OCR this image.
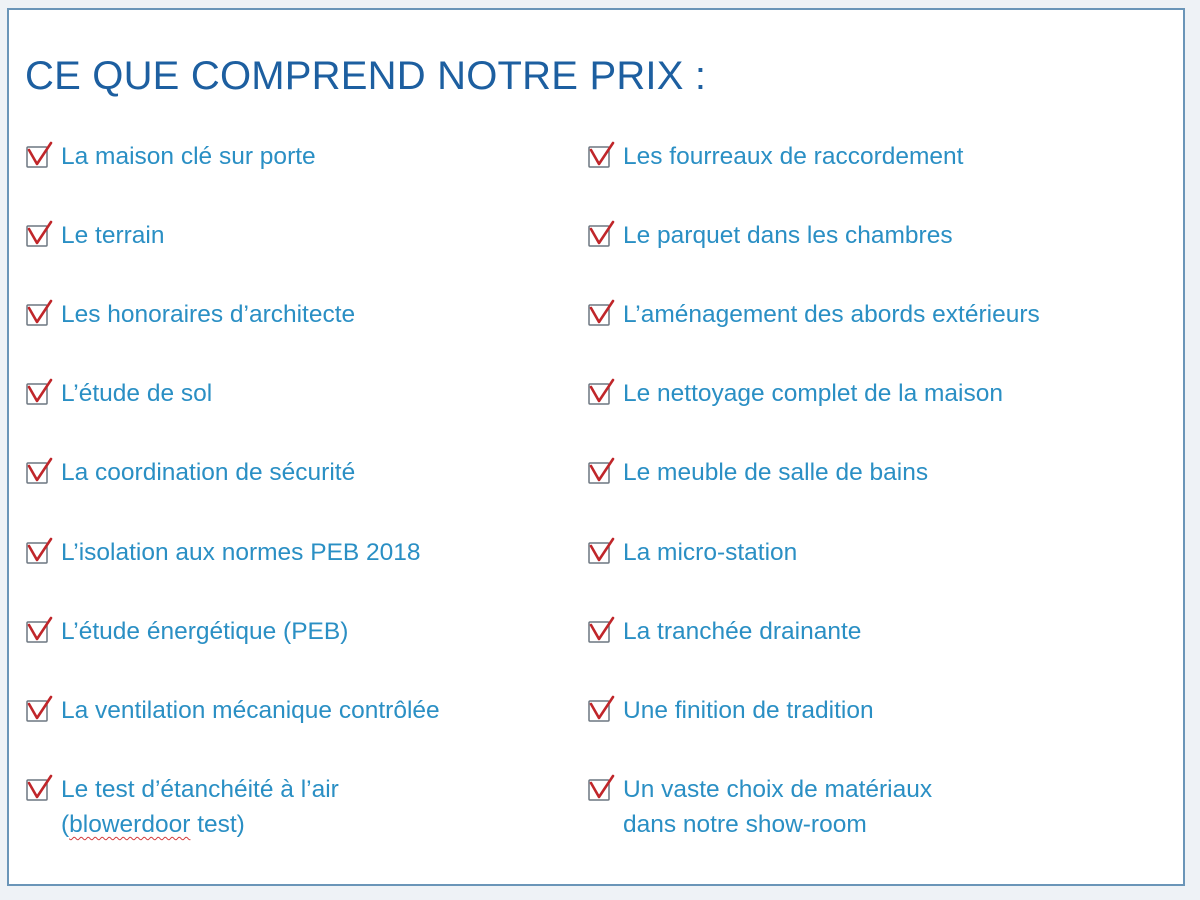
CE QUE COMPREND NOTRE PRIX :
La maison clé sur porte
Le terrain
Les honoraires d’architecte
L’étude de sol
La coordination de sécurité
L’isolation aux normes PEB 2018
L’étude énergétique (PEB)
La ventilation mécanique contrôlée
Le test d’étanchéité à l’air
(blowerdoor test)
Les fourreaux de raccordement
Le parquet dans les chambres
L’aménagement des abords extérieurs
Le nettoyage complet de la maison
Le meuble de salle de bains
La micro-station
La tranchée drainante
Une finition de tradition
Un vaste choix de matériaux
dans notre show-room
